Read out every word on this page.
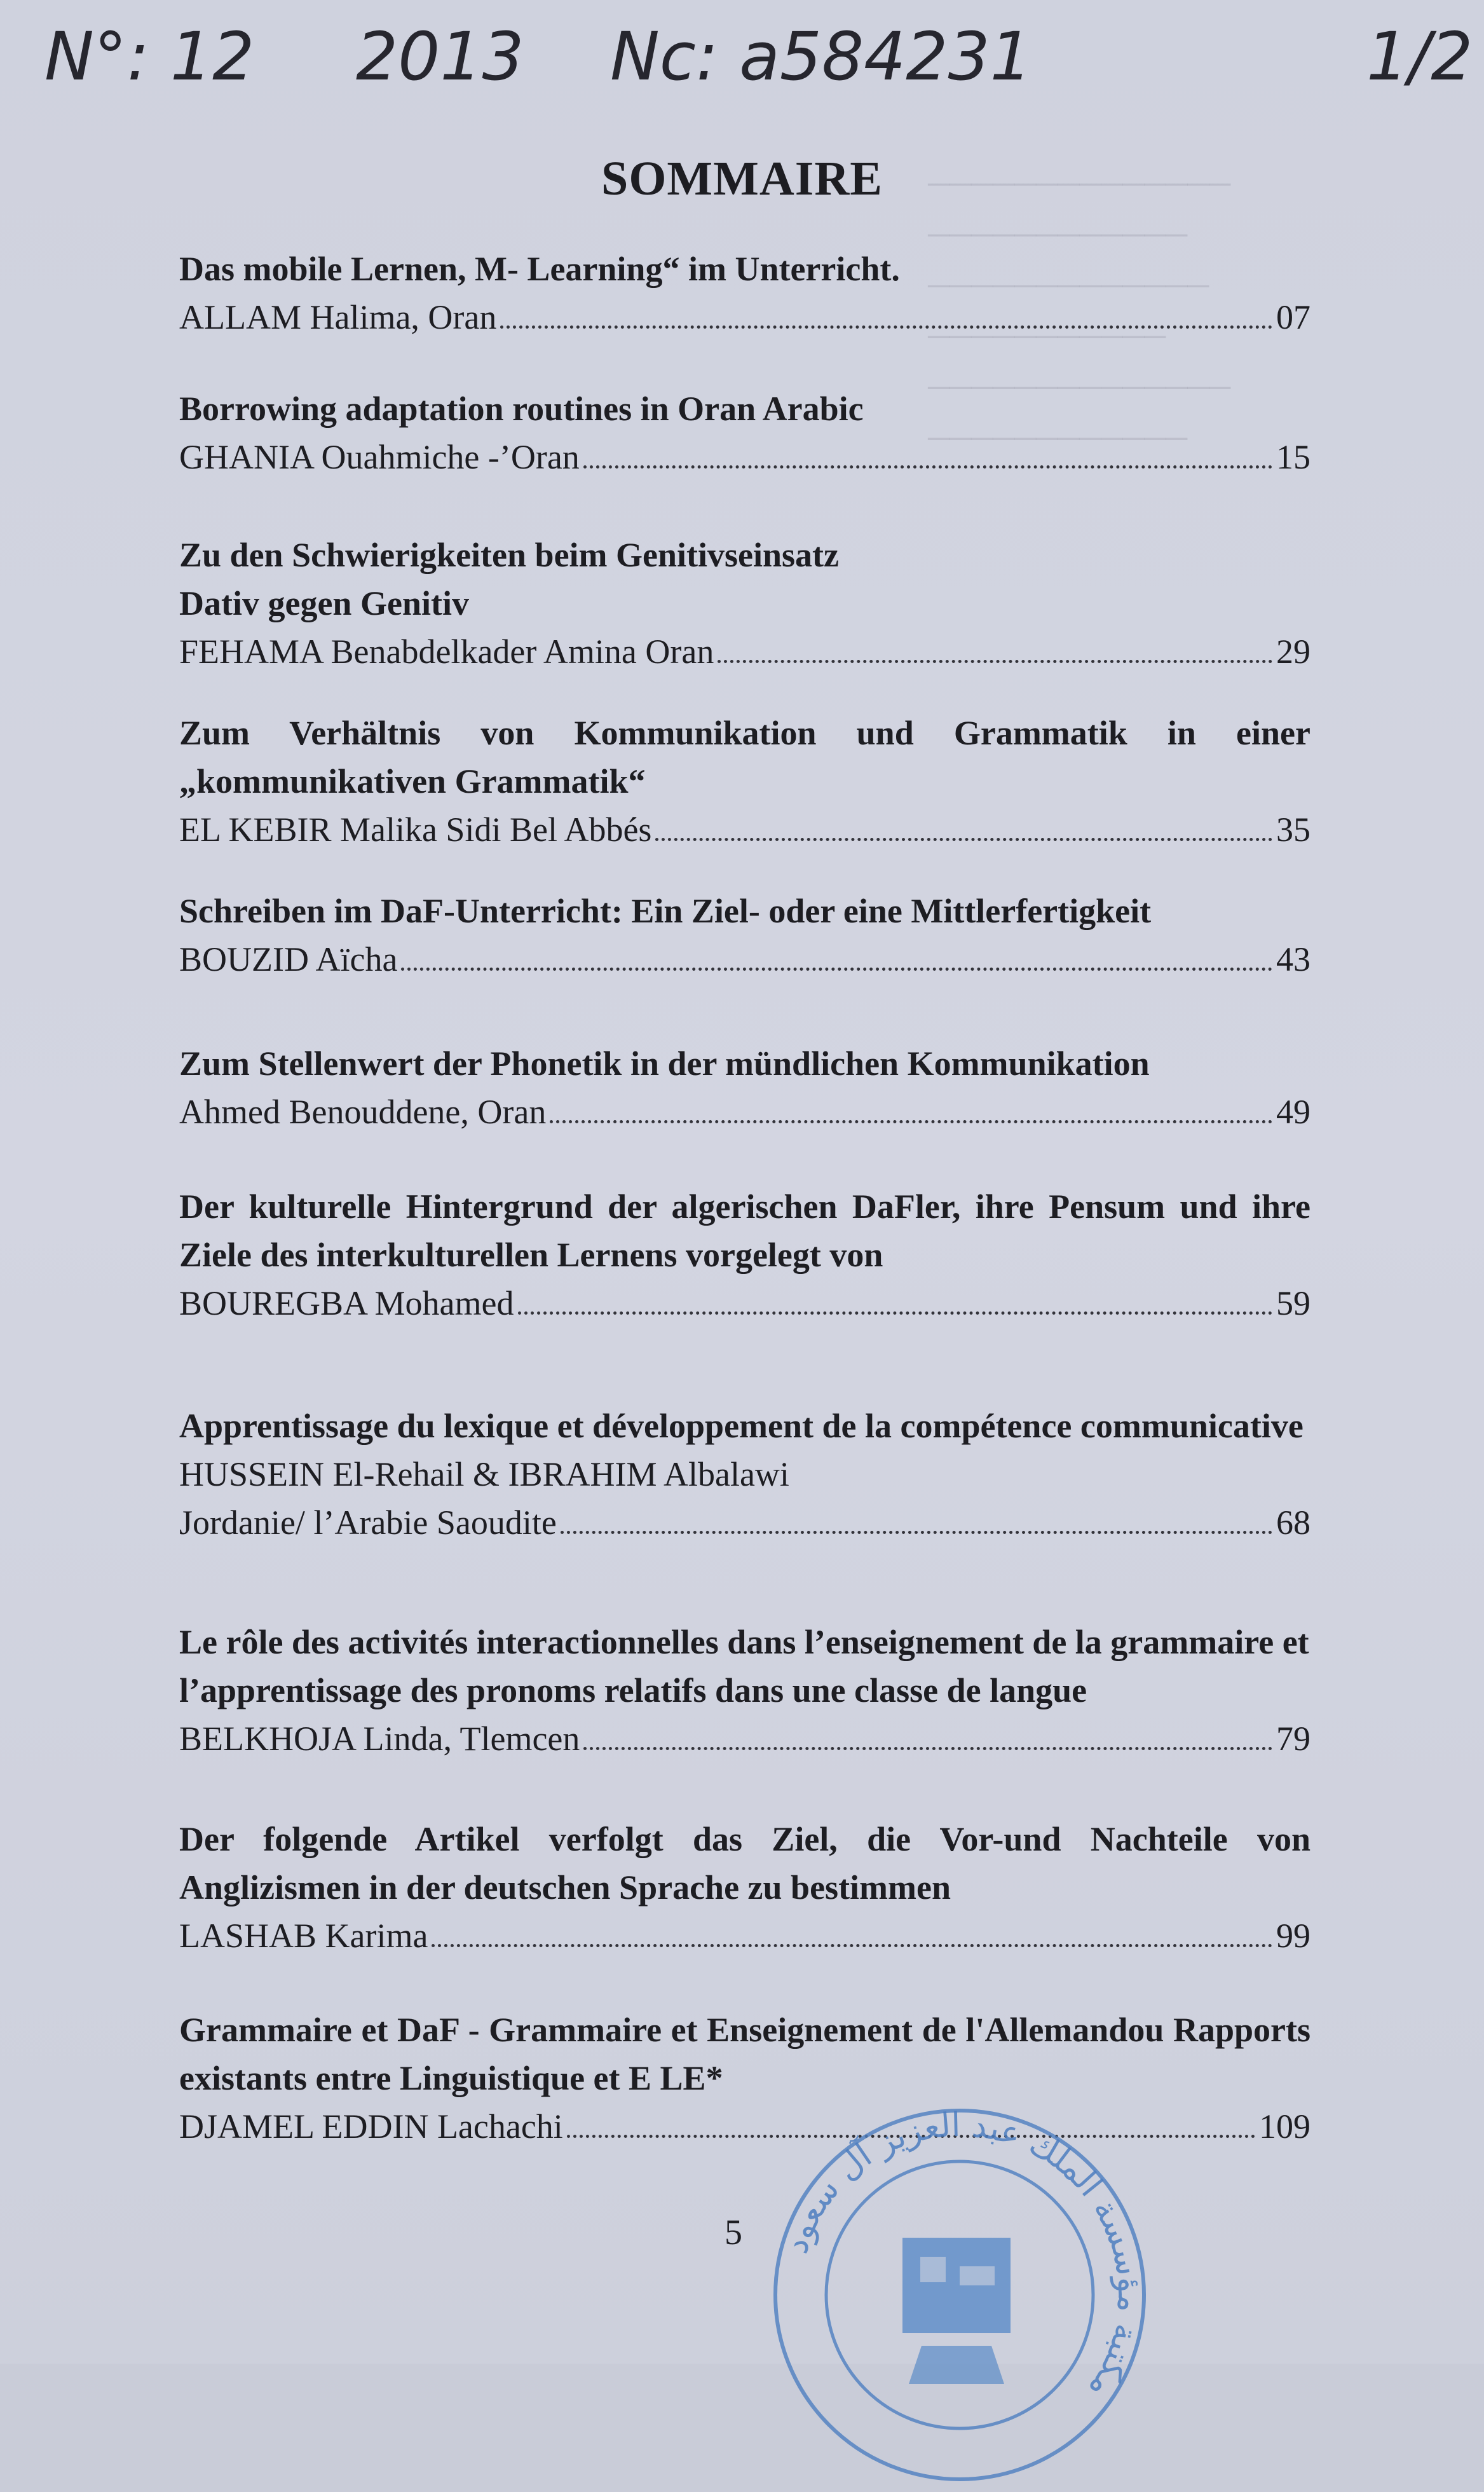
──────────────
────────────
─────────────
───────────
──────────────
────────────
N°: 12 2013 Nc: a584231	1/2
SOMMAIRE
Das mobile Lernen, M- Learning“ im Unterricht.
ALLAM Halima, Oran	07
Borrowing adaptation routines in Oran Arabic
GHANIA Ouahmiche -’Oran	15
Zu den Schwierigkeiten beim Genitivseinsatz
Dativ gegen Genitiv
FEHAMA Benabdelkader Amina Oran	29
Zum Verhältnis von Kommunikation und Grammatik in einer „kommunikativen Grammatik“
EL KEBIR Malika Sidi Bel Abbés	35
Schreiben im DaF-Unterricht: Ein Ziel- oder eine Mittlerfertigkeit
BOUZID Aïcha	43
Zum Stellenwert der Phonetik in der mündlichen Kommunikation
Ahmed Benouddene, Oran	49
Der kulturelle Hintergrund der algerischen DaFler, ihre Pensum und ihre Ziele des interkulturellen Lernens vorgelegt von
BOUREGBA Mohamed	59
Apprentissage du lexique et développement de la compétence communicative
HUSSEIN El-Rehail & IBRAHIM Albalawi
Jordanie/ l’Arabie Saoudite	68
Le rôle des activités interactionnelles dans l’enseignement de la grammaire et l’apprentissage des pronoms relatifs dans une classe de langue
BELKHOJA Linda, Tlemcen	79
Der folgende Artikel verfolgt das Ziel, die Vor-und Nachteile von Anglizismen in der deutschen Sprache zu bestimmen
LASHAB Karima	99
Grammaire et DaF - Grammaire et Enseignement de l'Allemandou Rapports existants entre Linguistique et E LE*
DJAMEL EDDIN Lachachi	109
5 مكتبة مؤسسة الملك عبد العزيز آل سعود
